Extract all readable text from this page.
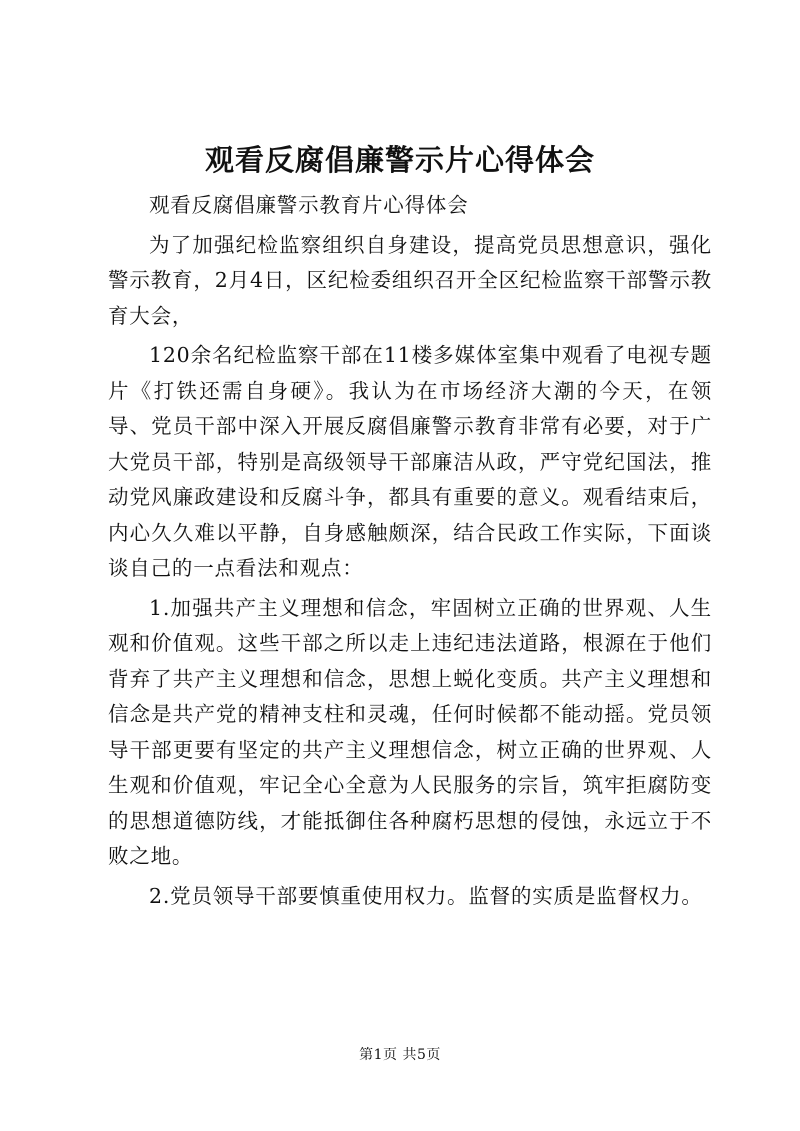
观看反腐倡廉警示片心得体会

观看反腐倡廉警示教育片心得体会

为了加强纪检监察组织自身建设，提高党员思想意识，强化警示教育，2月4日，区纪检委组织召开全区纪检监察干部警示教育大会，

120余名纪检监察干部在11楼多媒体室集中观看了电视专题片《打铁还需自身硬》。我认为在市场经济大潮的今天，在领导、党员干部中深入开展反腐倡廉警示教育非常有必要，对于广大党员干部，特别是高级领导干部廉洁从政，严守党纪国法，推动党风廉政建设和反腐斗争，都具有重要的意义。观看结束后，内心久久难以平静，自身感触颇深，结合民政工作实际，下面谈谈自己的一点看法和观点：

1.加强共产主义理想和信念，牢固树立正确的世界观、人生观和价值观。这些干部之所以走上违纪违法道路，根源在于他们背弃了共产主义理想和信念，思想上蜕化变质。共产主义理想和信念是共产党的精神支柱和灵魂，任何时候都不能动摇。党员领导干部更要有坚定的共产主义理想信念，树立正确的世界观、人生观和价值观，牢记全心全意为人民服务的宗旨，筑牢拒腐防变的思想道德防线，才能抵御住各种腐朽思想的侵蚀，永远立于不败之地。

2.党员领导干部要慎重使用权力。监督的实质是监督权力。

第1页 共5页
